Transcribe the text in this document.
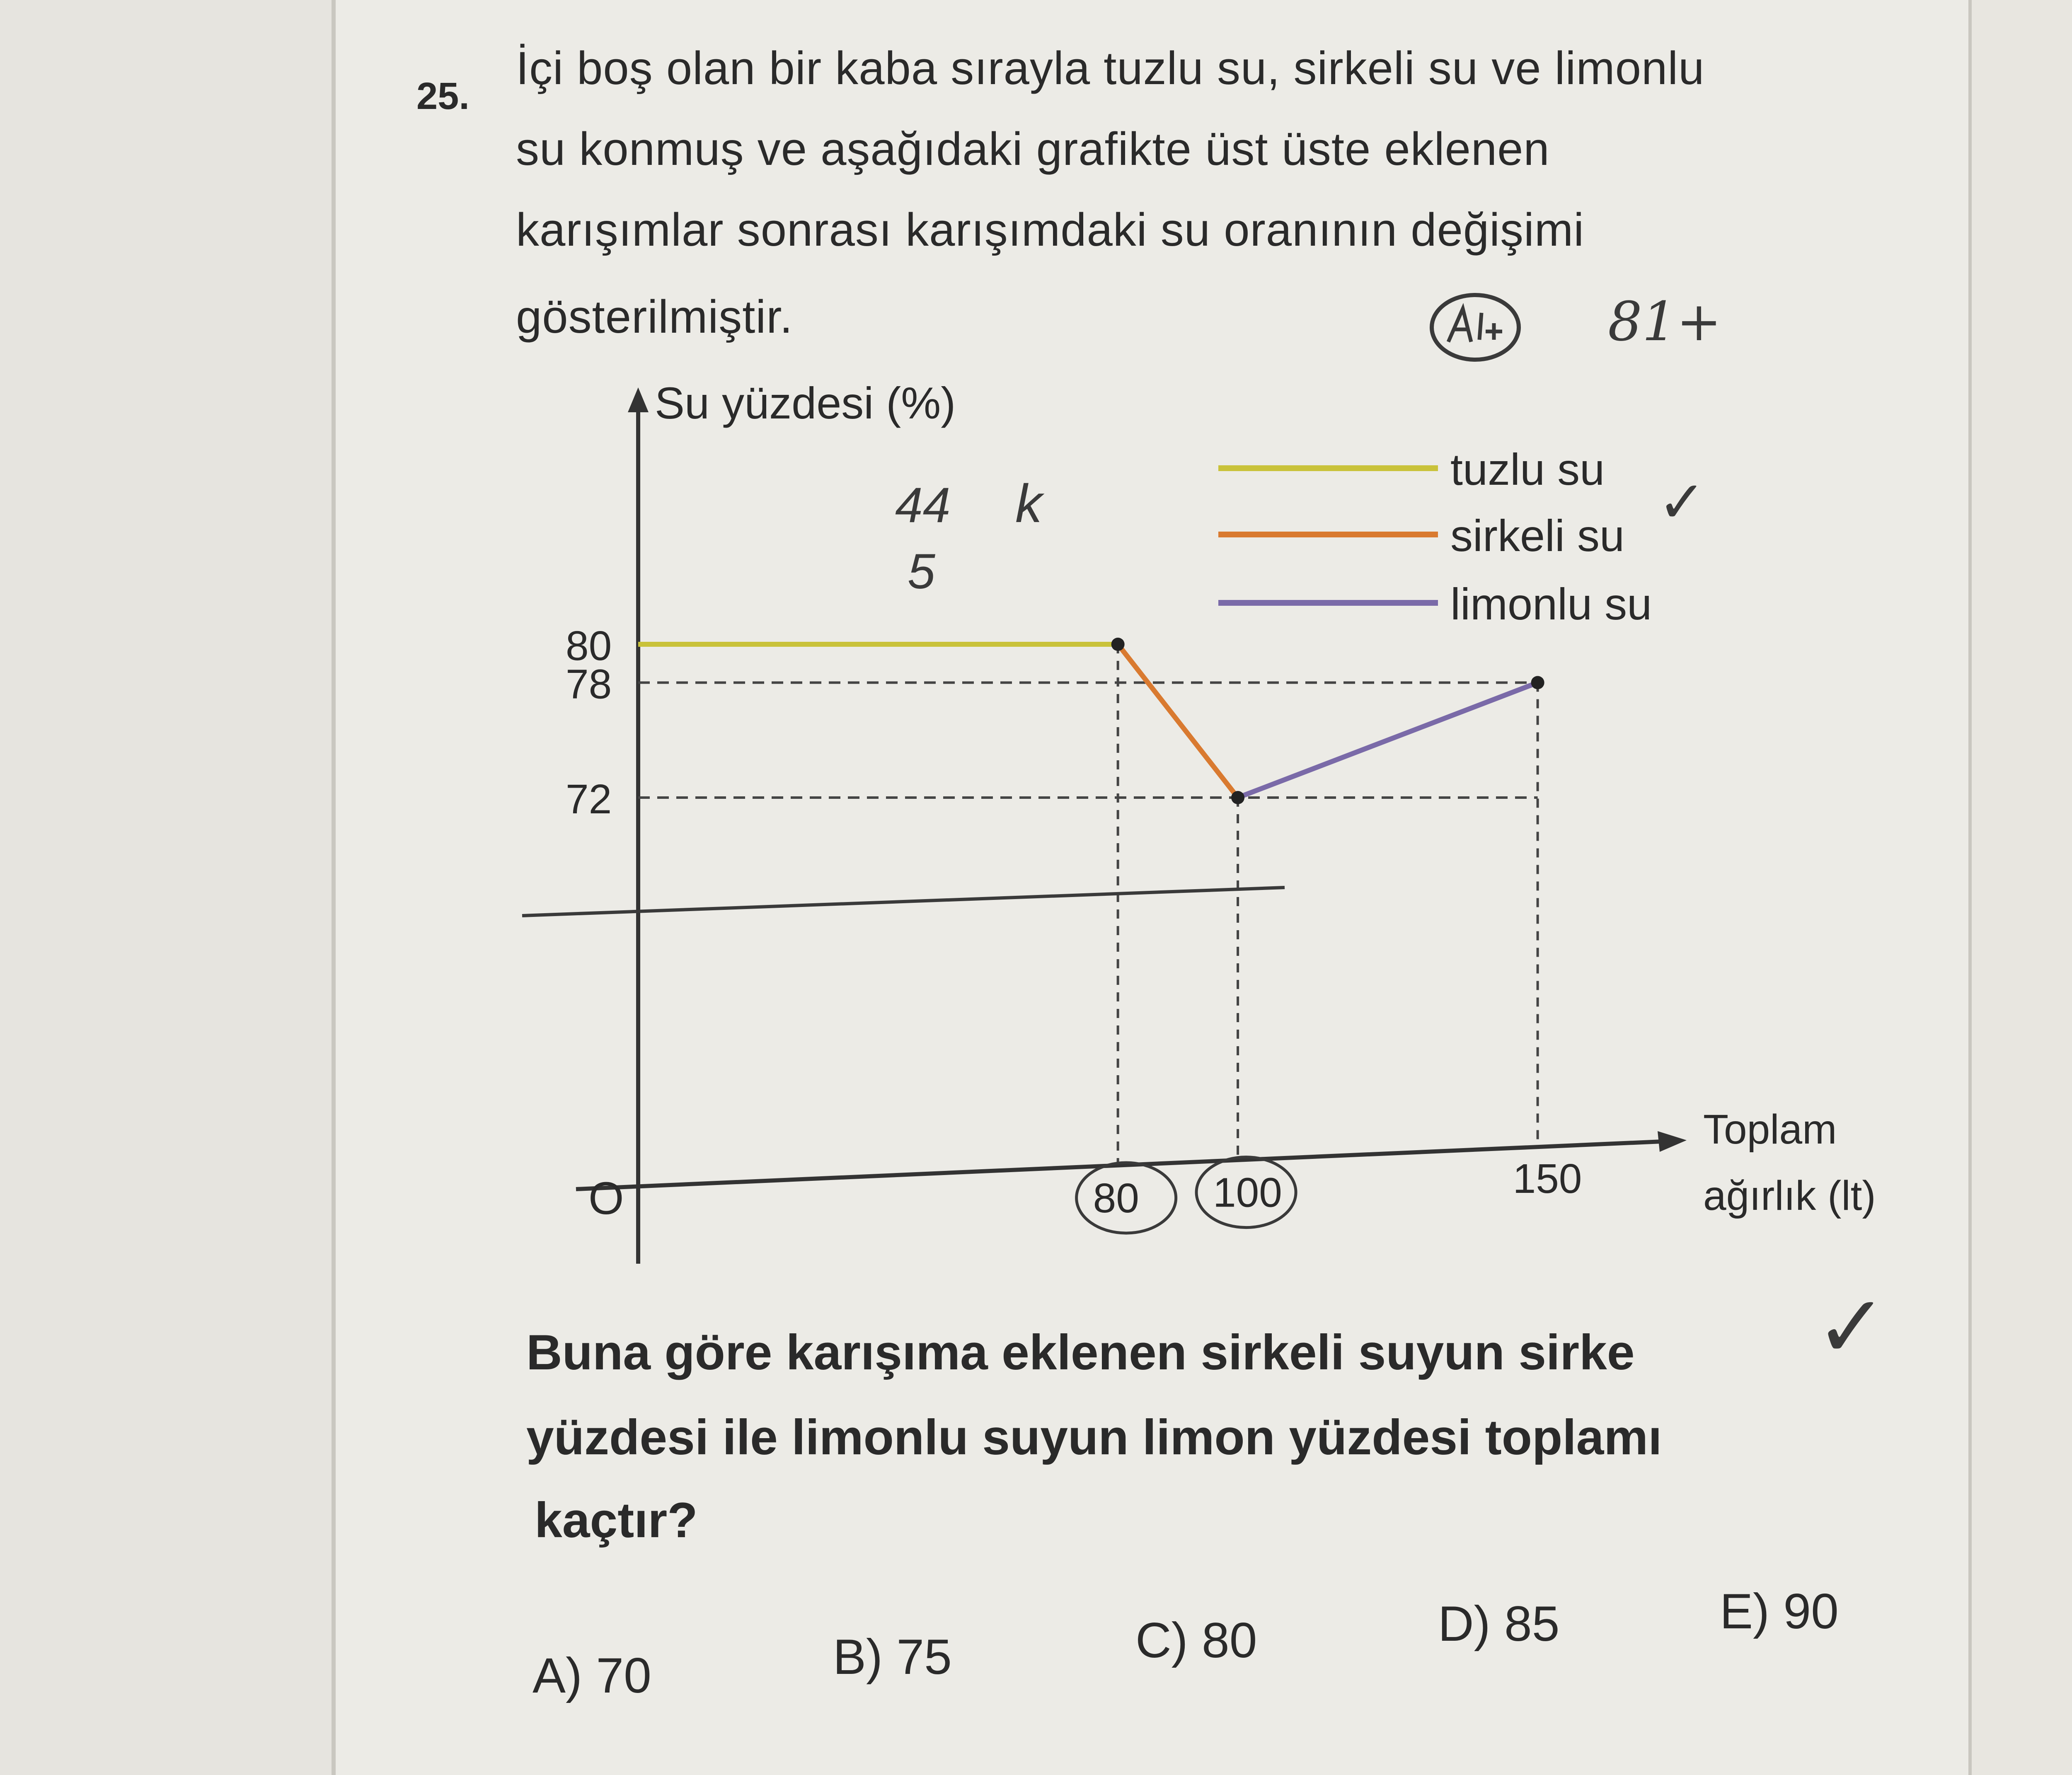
25.
İçi boş olan bir kaba sırayla tuzlu su, sirkeli su ve limonlu
su konmuş ve aşağıdaki grafikte üst üste eklenen
karışımlar sonrası karışımdaki su oranının değişimi
gösterilmiştir.	81+
tuzlu su
sirkeli su
limonlu su
Su yüzdesi (%)
Toplam
ağırlık (lt)
O
80
78
72
80 100	150
44 k
5
✓
Buna göre karışıma eklenen sirkeli suyun sirke
yüzdesi ile limonlu suyun limon yüzdesi toplamı
kaçtır?
✓
A) 70	B) 75	C) 80	D) 85	E) 90
